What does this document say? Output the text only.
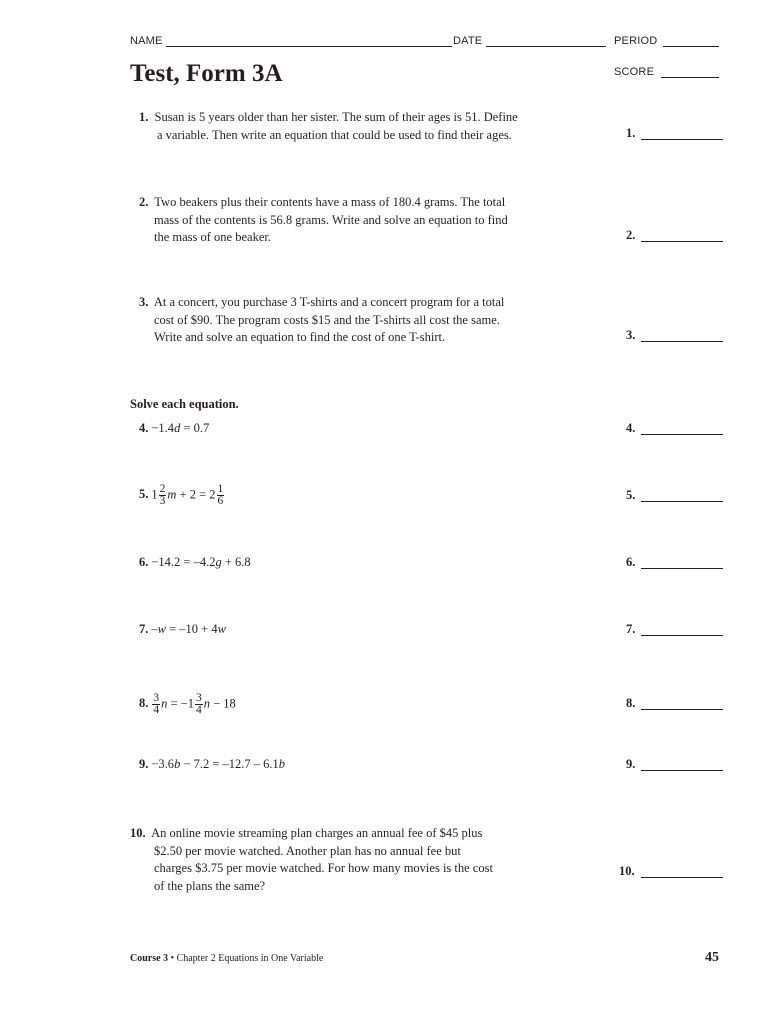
NAME	DATE	PERIOD
SCORE
Test, Form 3A
1. Susan is 5 years older than her sister. The sum of their ages is 51. Define
a variable. Then write an equation that could be used to find their ages.	1.
2. Two beakers plus their contents have a mass of 180.4 grams. The total
mass of the contents is 56.8 grams. Write and solve an equation to find
the mass of one beaker.	2.
3. At a concert, you purchase 3 T-shirts and a concert program for a total
cost of $90. The program costs $15 and the T-shirts all cost the same.
Write and solve an equation to find the cost of one T-shirt.	3.
Solve each equation.
4. −1.4d = 0.7	4.
5. $1 \frac{2}{3}$ $m + 2 = 2 \frac{1}{6}$	5.
6. −14.2 = –4.2g + 6.8	6.
7. –w = –10 + 4w	7.
8. $\frac{3}{4}$ $n = -1 \frac{3}{4}$ n − 18	8.
9. −3.6b − 7.2 = –12.7 – 6.1b	9.
10. An online movie streaming plan charges an annual fee of $45 plus
$2.50 per movie watched. Another plan has no annual fee but
charges $3.75 per movie watched. For how many movies is the cost
of the plans the same?
10.
Course 3 • Chapter 2 Equations in One Variable	45
